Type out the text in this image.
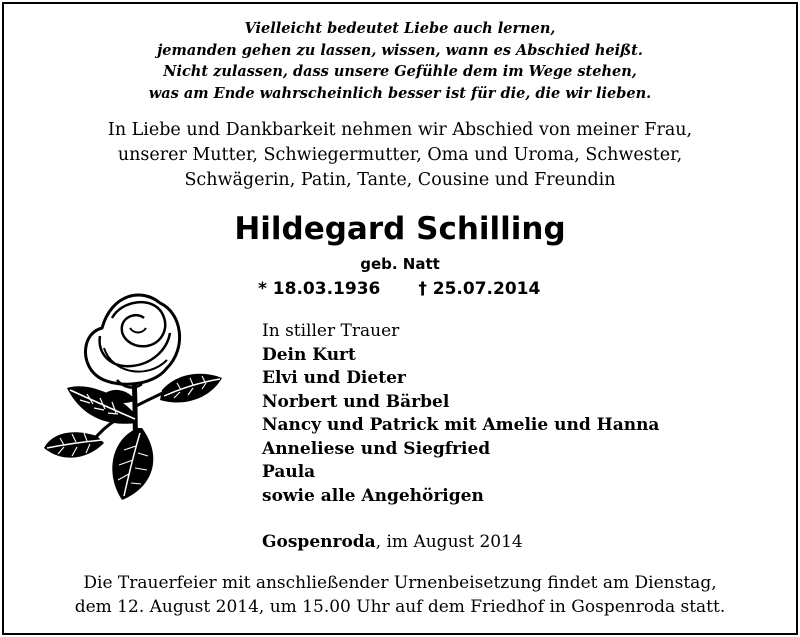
Vielleicht bedeutet Liebe auch lernen,
jemanden gehen zu lassen, wissen, wann es Abschied heißt.
Nicht zulassen, dass unsere Gefühle dem im Wege stehen,
was am Ende wahrscheinlich besser ist für die, die wir lieben.
In Liebe und Dankbarkeit nehmen wir Abschied von meiner Frau,
unserer Mutter, Schwiegermutter, Oma und Uroma, Schwester,
Schwägerin, Patin, Tante, Cousine und Freundin
Hildegard Schilling
geb. Natt
* 18.03.1936 † 25.07.2014
In stiller Trauer
Dein Kurt
Elvi und Dieter
Norbert und Bärbel
Nancy und Patrick mit Amelie und Hanna
Anneliese und Siegfried
Paula
sowie alle Angehörigen
Gospenroda, im August 2014
Die Trauerfeier mit anschließender Urnenbeisetzung findet am Dienstag,
dem 12. August 2014, um 15.00 Uhr auf dem Friedhof in Gospenroda statt.
